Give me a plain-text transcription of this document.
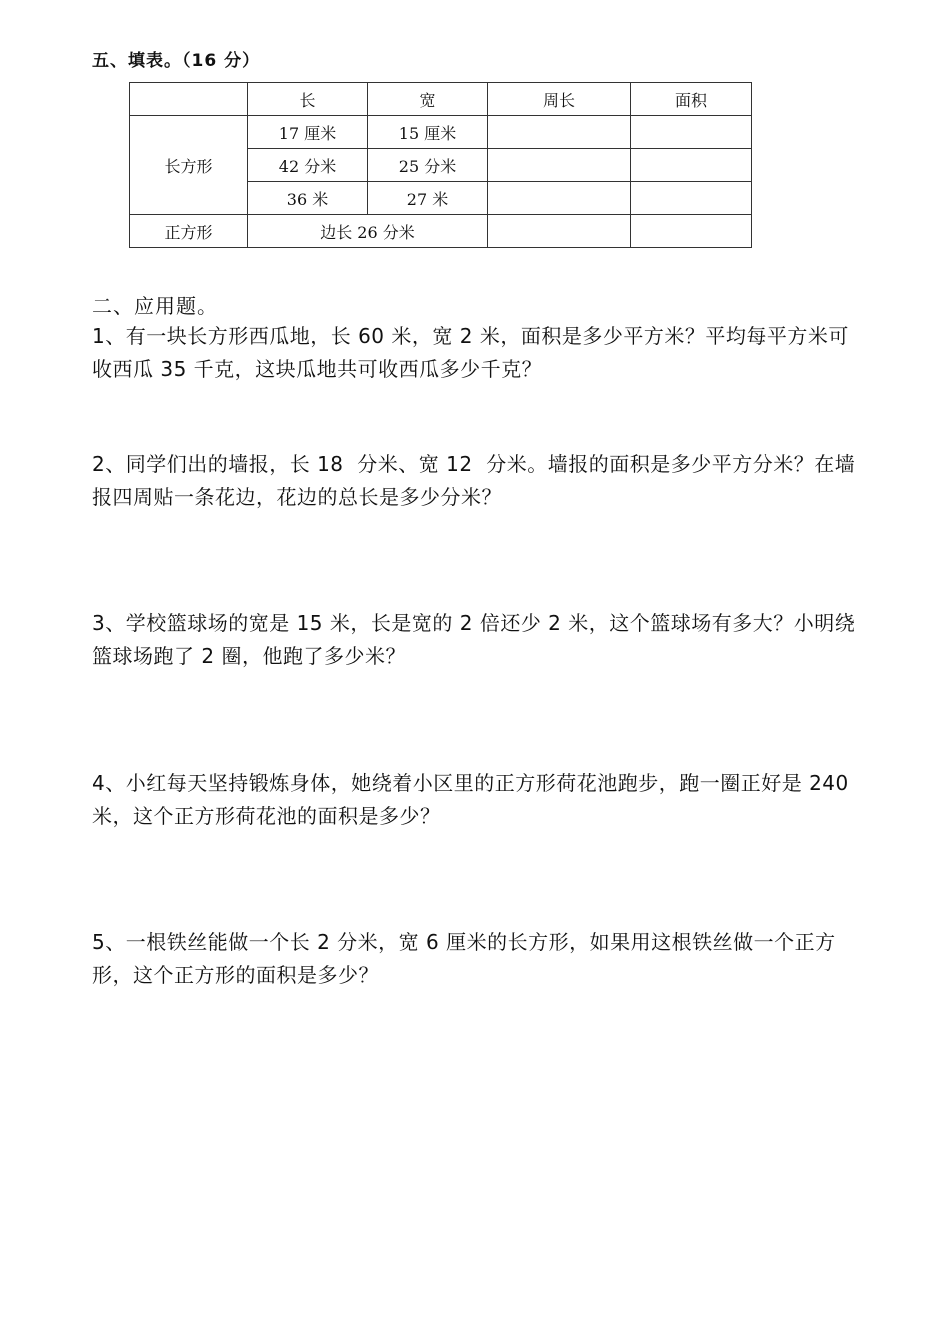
五、填表。（16 分）
	长	宽	周长	面积
长方形	17 厘米	15 厘米		
	42 分米	25 分米		
	36 米	27 米		
正方形	边长 26 分米			
二、应用题。
1、有一块长方形西瓜地，长 60 米，宽 2 米，面积是多少平方米？平均每平方米可收西瓜 35 千克，这块瓜地共可收西瓜多少千克？
2、同学们出的墙报，长 18  分米、宽 12  分米。墙报的面积是多少平方分米？在墙报四周贴一条花边，花边的总长是多少分米？
3、学校篮球场的宽是 15 米，长是宽的 2 倍还少 2 米，这个篮球场有多大？小明绕篮球场跑了 2 圈，他跑了多少米？
4、小红每天坚持锻炼身体，她绕着小区里的正方形荷花池跑步，跑一圈正好是 240 米，这个正方形荷花池的面积是多少？
5、一根铁丝能做一个长 2 分米，宽 6 厘米的长方形，如果用这根铁丝做一个正方形，这个正方形的面积是多少？
